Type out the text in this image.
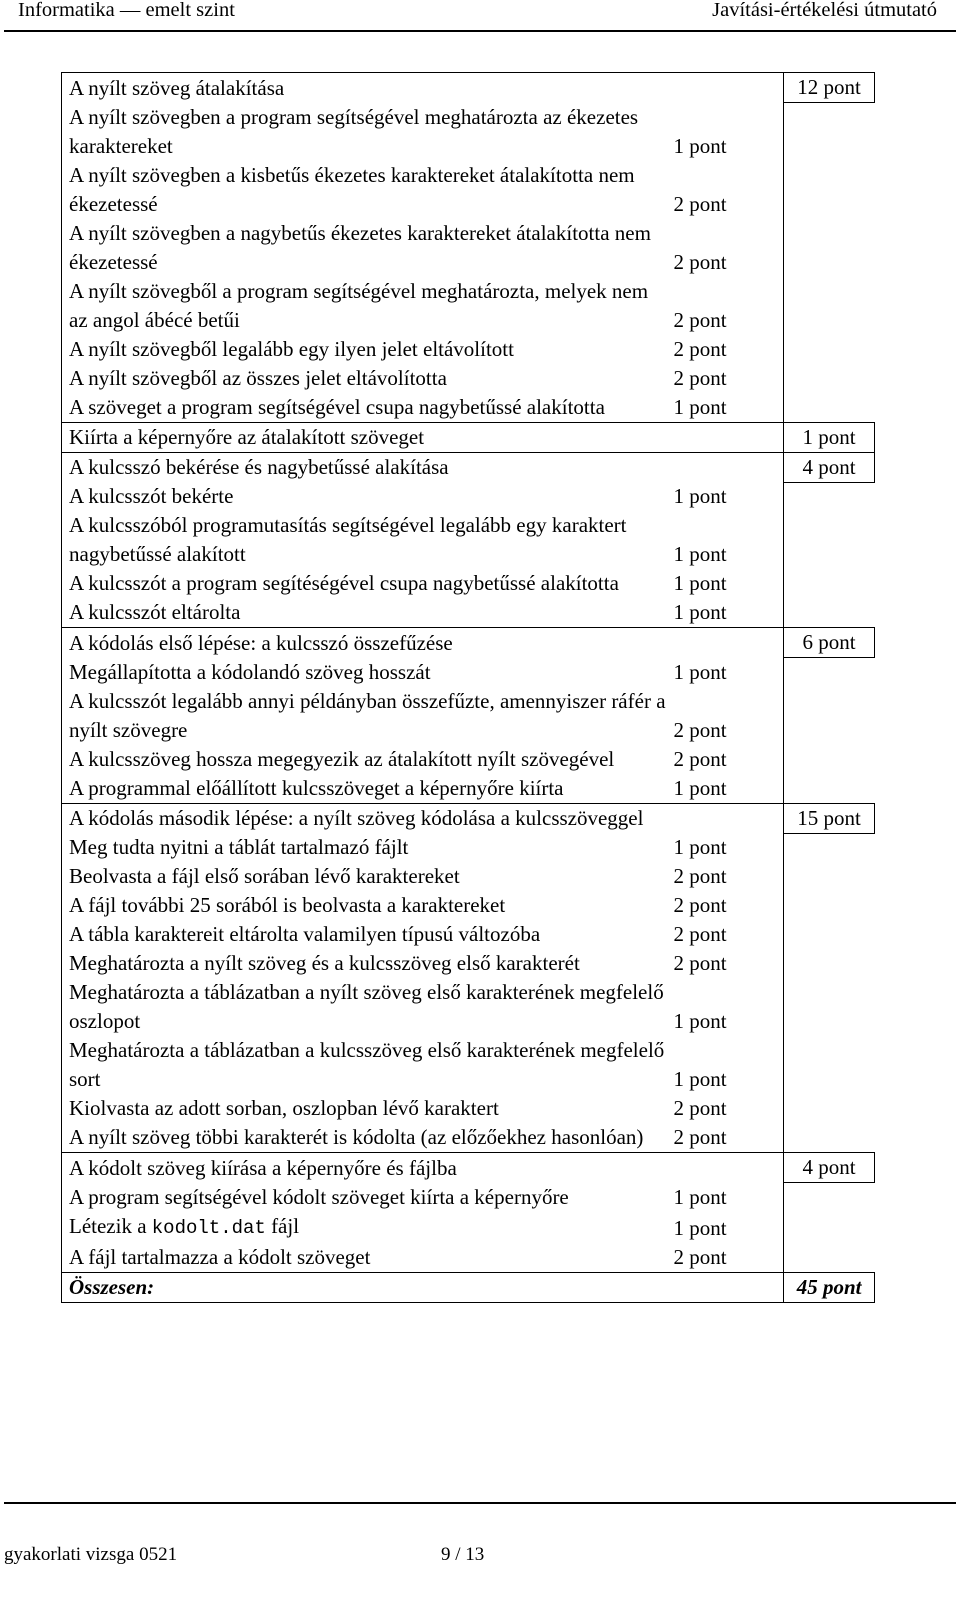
Informatika — emelt szint	Javítási-értékelési útmutató
A nyílt szöveg átalakítása		12 pont
A nyílt szövegben a program segítségével meghatározta az ékezetes karaktereket	1 pont	
A nyílt szövegben a kisbetűs ékezetes karaktereket átalakította nem ékezetessé	2 pont	
A nyílt szövegben a nagybetűs ékezetes karaktereket átalakította nem ékezetessé	2 pont	
A nyílt szövegből a program segítségével meghatározta, melyek nem az angol ábécé betűi	2 pont	
A nyílt szövegből legalább egy ilyen jelet eltávolított	2 pont	
A nyílt szövegből az összes jelet eltávolította	2 pont	
A szöveget a program segítségével csupa nagybetűssé alakította	1 pont	
Kiírta a képernyőre az átalakított szöveget		1 pont
A kulcsszó bekérése és nagybetűssé alakítása		4 pont
A kulcsszót bekérte	1 pont	
A kulcsszóból programutasítás segítségével legalább egy karaktert nagybetűssé alakított	1 pont	
A kulcsszót a program segítéségével csupa nagybetűssé alakította	1 pont	
A kulcsszót eltárolta	1 pont	
A kódolás első lépése: a kulcsszó összefűzése		6 pont
Megállapította a kódolandó szöveg hosszát	1 pont	
A kulcsszót legalább annyi példányban összefűzte, amennyiszer ráfér a nyílt szövegre	2 pont	
A kulcsszöveg hossza megegyezik az átalakított nyílt szövegével	2 pont	
A programmal előállított kulcsszöveget a képernyőre kiírta	1 pont	
A kódolás második lépése: a nyílt szöveg kódolása a kulcsszöveggel		15 pont
Meg tudta nyitni a táblát tartalmazó fájlt	1 pont	
Beolvasta a fájl első sorában lévő karaktereket	2 pont	
A fájl további 25 sorából is beolvasta a karaktereket	2 pont	
A tábla karaktereit eltárolta valamilyen típusú változóba	2 pont	
Meghatározta a nyílt szöveg és a kulcsszöveg első karakterét	2 pont	
Meghatározta a táblázatban a nyílt szöveg első karakterének megfelelő oszlopot	1 pont	
Meghatározta a táblázatban a kulcsszöveg első karakterének megfelelő sort	1 pont	
Kiolvasta az adott sorban, oszlopban lévő karaktert	2 pont	
A nyílt szöveg többi karakterét is kódolta (az előzőekhez hasonlóan)	2 pont	
A kódolt szöveg kiírása a képernyőre és fájlba		4 pont
A program segítségével kódolt szöveget kiírta a képernyőre	1 pont	
Létezik a kodolt.dat fájl	1 pont	
A fájl tartalmazza a kódolt szöveget	2 pont	
Összesen:		45 pont
gyakorlati vizsga 0521	9 / 13
